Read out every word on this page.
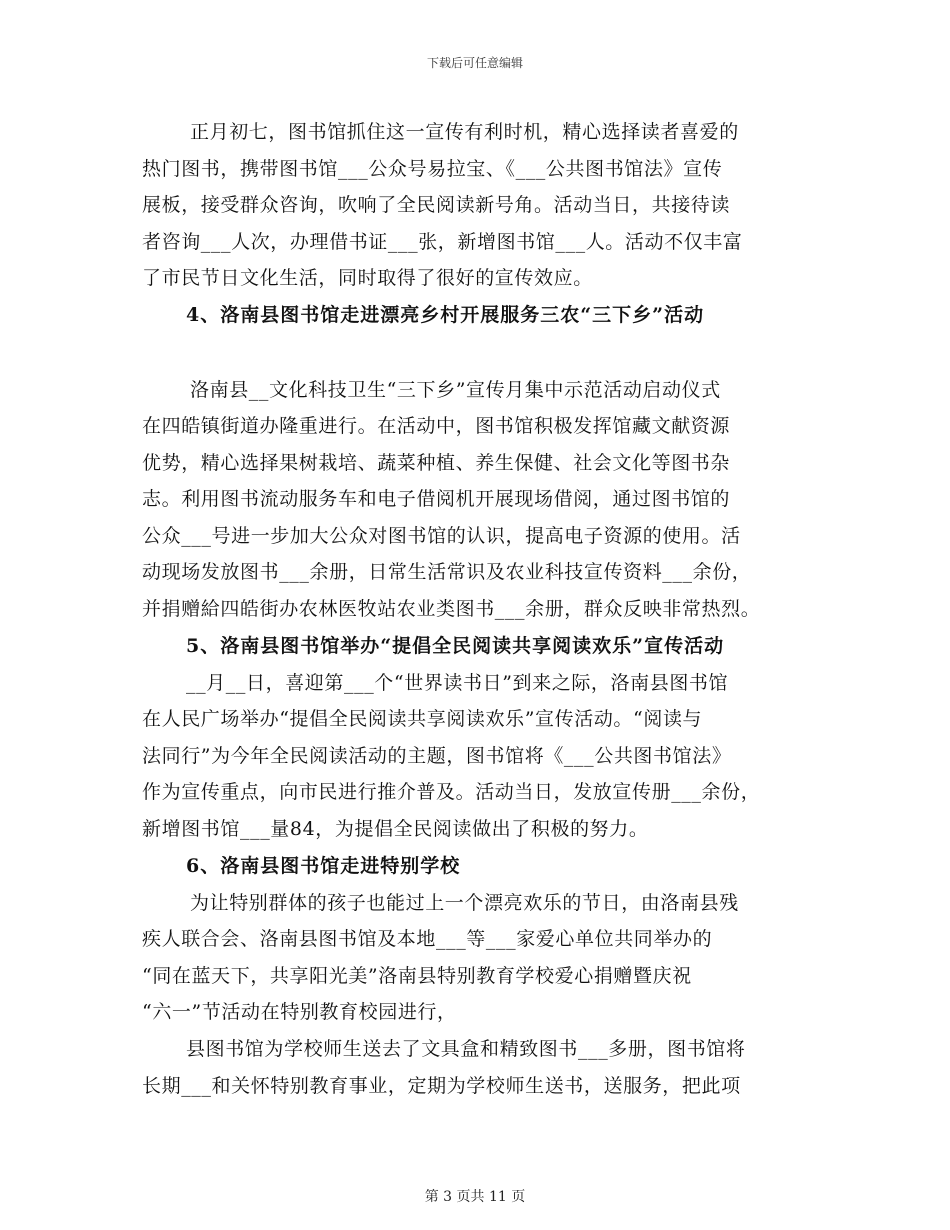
下载后可任意编辑
正月初七，图书馆抓住这一宣传有利时机，精心选择读者喜爱的
热门图书，携带图书馆___公众号易拉宝、《___公共图书馆法》宣传
展板，接受群众咨询，吹响了全民阅读新号角。活动当日，共接待读
者咨询___人次，办理借书证___张，新增图书馆___人。活动不仅丰富
了市民节日文化生活，同时取得了很好的宣传效应。
4、洛南县图书馆走进漂亮乡村开展服务三农“三下乡”活动
洛南县__文化科技卫生“三下乡”宣传月集中示范活动启动仪式
在四皓镇街道办隆重进行。在活动中，图书馆积极发挥馆藏文献资源
优势，精心选择果树栽培、蔬菜种植、养生保健、社会文化等图书杂
志。利用图书流动服务车和电子借阅机开展现场借阅，通过图书馆的
公众___号进一步加大公众对图书馆的认识，提高电子资源的使用。活
动现场发放图书___余册，日常生活常识及农业科技宣传资料___余份，
并捐赠給四皓街办农林医牧站农业类图书___余册，群众反映非常热烈。
5、洛南县图书馆举办“提倡全民阅读共享阅读欢乐”宣传活动
__月__日，喜迎第___个“世界读书日”到来之际，洛南县图书馆
在人民广场举办“提倡全民阅读共享阅读欢乐”宣传活动。“阅读与
法同行”为今年全民阅读活动的主题，图书馆将《___公共图书馆法》
作为宣传重点，向市民进行推介普及。活动当日，发放宣传册___余份，
新增图书馆___量84，为提倡全民阅读做出了积极的努力。
6、洛南县图书馆走进特别学校
为让特别群体的孩子也能过上一个漂亮欢乐的节日，由洛南县残
疾人联合会、洛南县图书馆及本地___等___家爱心单位共同举办的
“同在蓝天下，共享阳光美”洛南县特别教育学校爱心捐赠暨庆祝
“六一”节活动在特别教育校园进行，
县图书馆为学校师生送去了文具盒和精致图书___多册，图书馆将
长期___和关怀特别教育事业，定期为学校师生送书，送服务，把此项
第 3 页共 11 页
